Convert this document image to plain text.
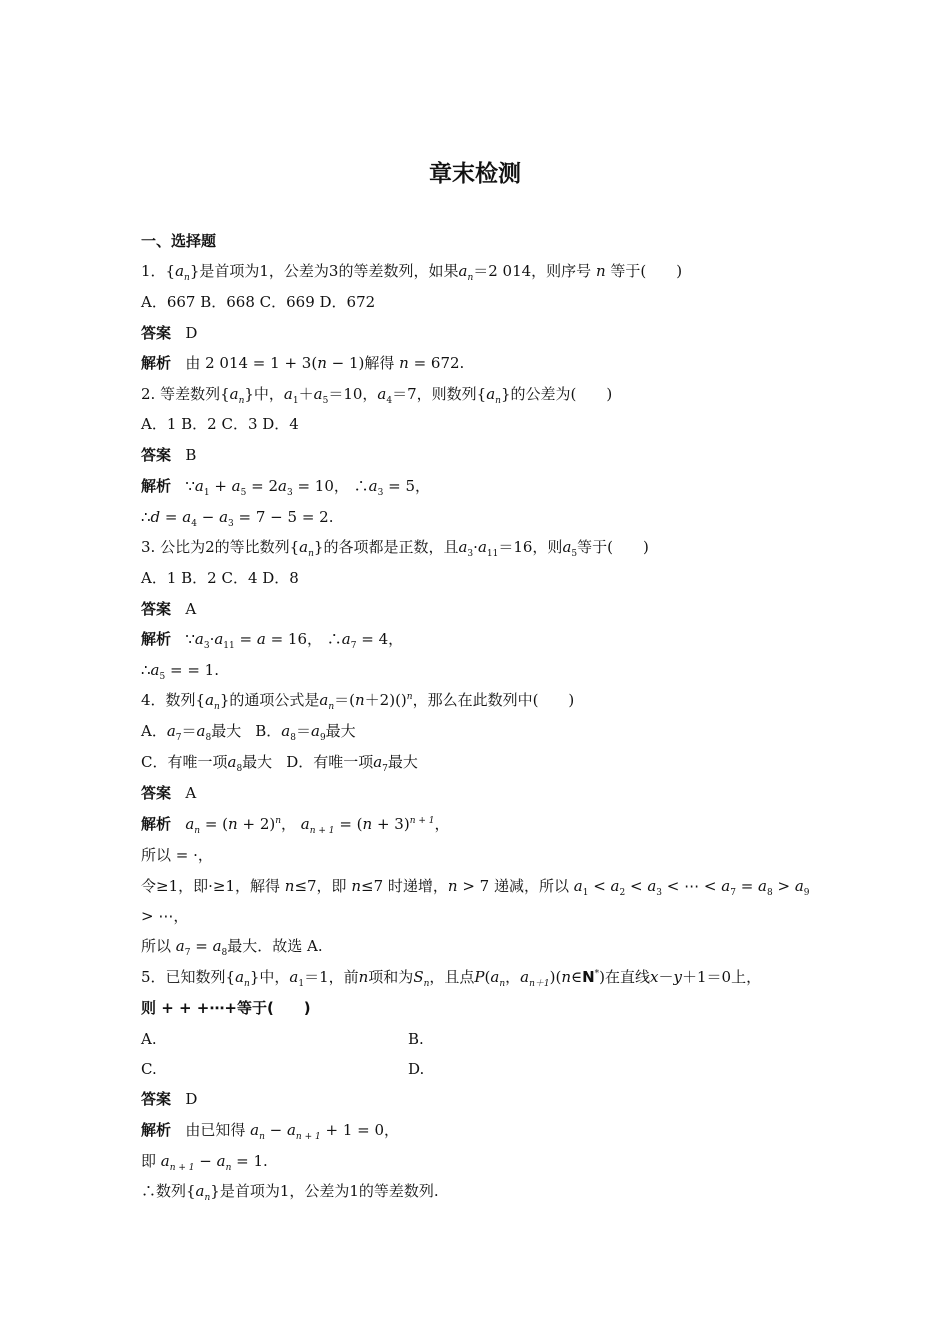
章末检测
一、选择题
1．$\{a_n\}$是首项为1，公差为3的等差数列，如果$a_n=2$ 014，则序号 n 等于(　　)
A．667 B．668 C．669 D．672
答案 D
解析 由 2 014 = 1 + 3(n − 1)解得 n = 672.
2. 等差数列$\{a_n\}$中，$a_1+a_5=10$，$a_4=7$，则数列$\{a_n\}$的公差为(　　)
A．1 B．2 C．3 D．4
答案 B
解析 $\because a_1 + a_5 = 2a_3 = 10$， $\therefore a_3 = 5$，
∴d = $a_4 - a_3 = 7 - 5 = 2$.
3. 公比为2的等比数列$\{a_n\}$的各项都是正数，且$a_3\cdot a_{11}=16$，则$a_5$等于(　　)
A．1 B．2 C．4 D．8
答案 A
解析 $\because a_3\cdot a_{11} = a = 16$， $\therefore a_7 = 4$，
$\therefore a_5$ = = 1.
4．数列$\{a_n\}$的通项公式是$a_n=(n+2)()^n$，那么在此数列中(　　)
A．$a_7=a_8$最大 B．$a_8=a_9$最大
C．有唯一项$a_8$最大 D．有唯一项$a_7$最大
答案 A
解析 $a_n = (n + 2)^n$， $a_{n + 1} = (n + 3)^{n + 1}$，
所以 = ·，
令≥1，即·≥1，解得 n≤7，即 n≤7 时递增，n > 7 递减，所以 $a_1 < a_2 < a_3$ < ⋯ < $a_7 = a_8 > a_9$
> ⋯，
所以 $a_7 = a_8$最大．故选 A.
5．已知数列$\{a_n\}$中，$a_1=1$，前n项和为$S_n$，且点$P(a_n$，$a_{n+1})(n\in N^*)$在直线x－y＋1＝0上，
则 + + +⋯+等于(　　)
A.	B.
C.	D.
答案 D
解析 由已知得 $a_n - a_{n + 1} + 1 = 0$，
即 $a_{n + 1} - a_n = 1$.
∴数列$\{a_n\}$是首项为1，公差为1的等差数列.
